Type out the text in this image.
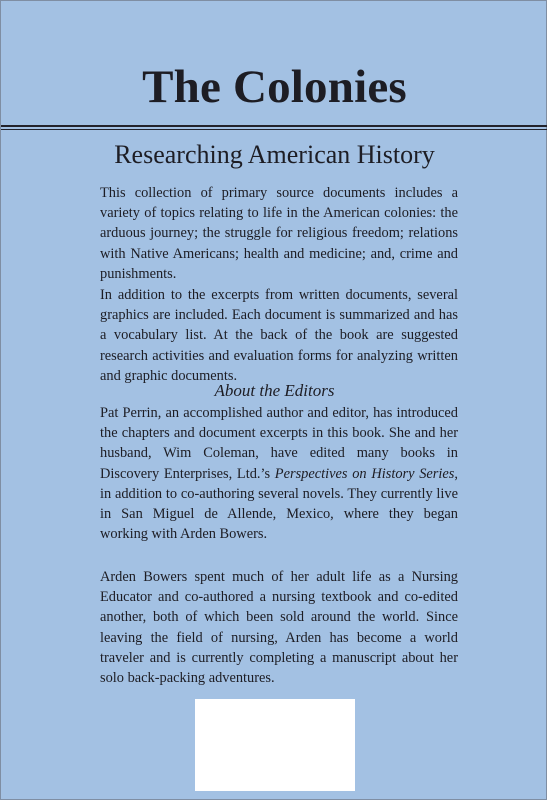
The Colonies
Researching American History

This collection of primary source documents includes a variety of topics relating to life in the American colonies: the arduous journey; the struggle for religious freedom; relations with Native Americans; health and medicine; and, crime and punishments.

In addition to the excerpts from written documents, several graphics are included. Each document is summarized and has a vocabulary list. At the back of the book are suggested research activities and evaluation forms for analyzing written and graphic documents.

About the Editors

Pat Perrin, an accomplished author and editor, has introduced the chapters and document excerpts in this book. She and her husband, Wim Coleman, have edited many books in Discovery Enterprises, Ltd.’s Perspectives on History Series, in addition to co-authoring several novels. They currently live in San Miguel de Allende, Mexico, where they began working with Arden Bowers.

Arden Bowers spent much of her adult life as a Nursing Educator and co-authored a nursing textbook and co-edited another, both of which been sold around the world. Since leaving the field of nursing, Arden has become a world traveler and is currently completing a manuscript about her solo back-packing adventures.
